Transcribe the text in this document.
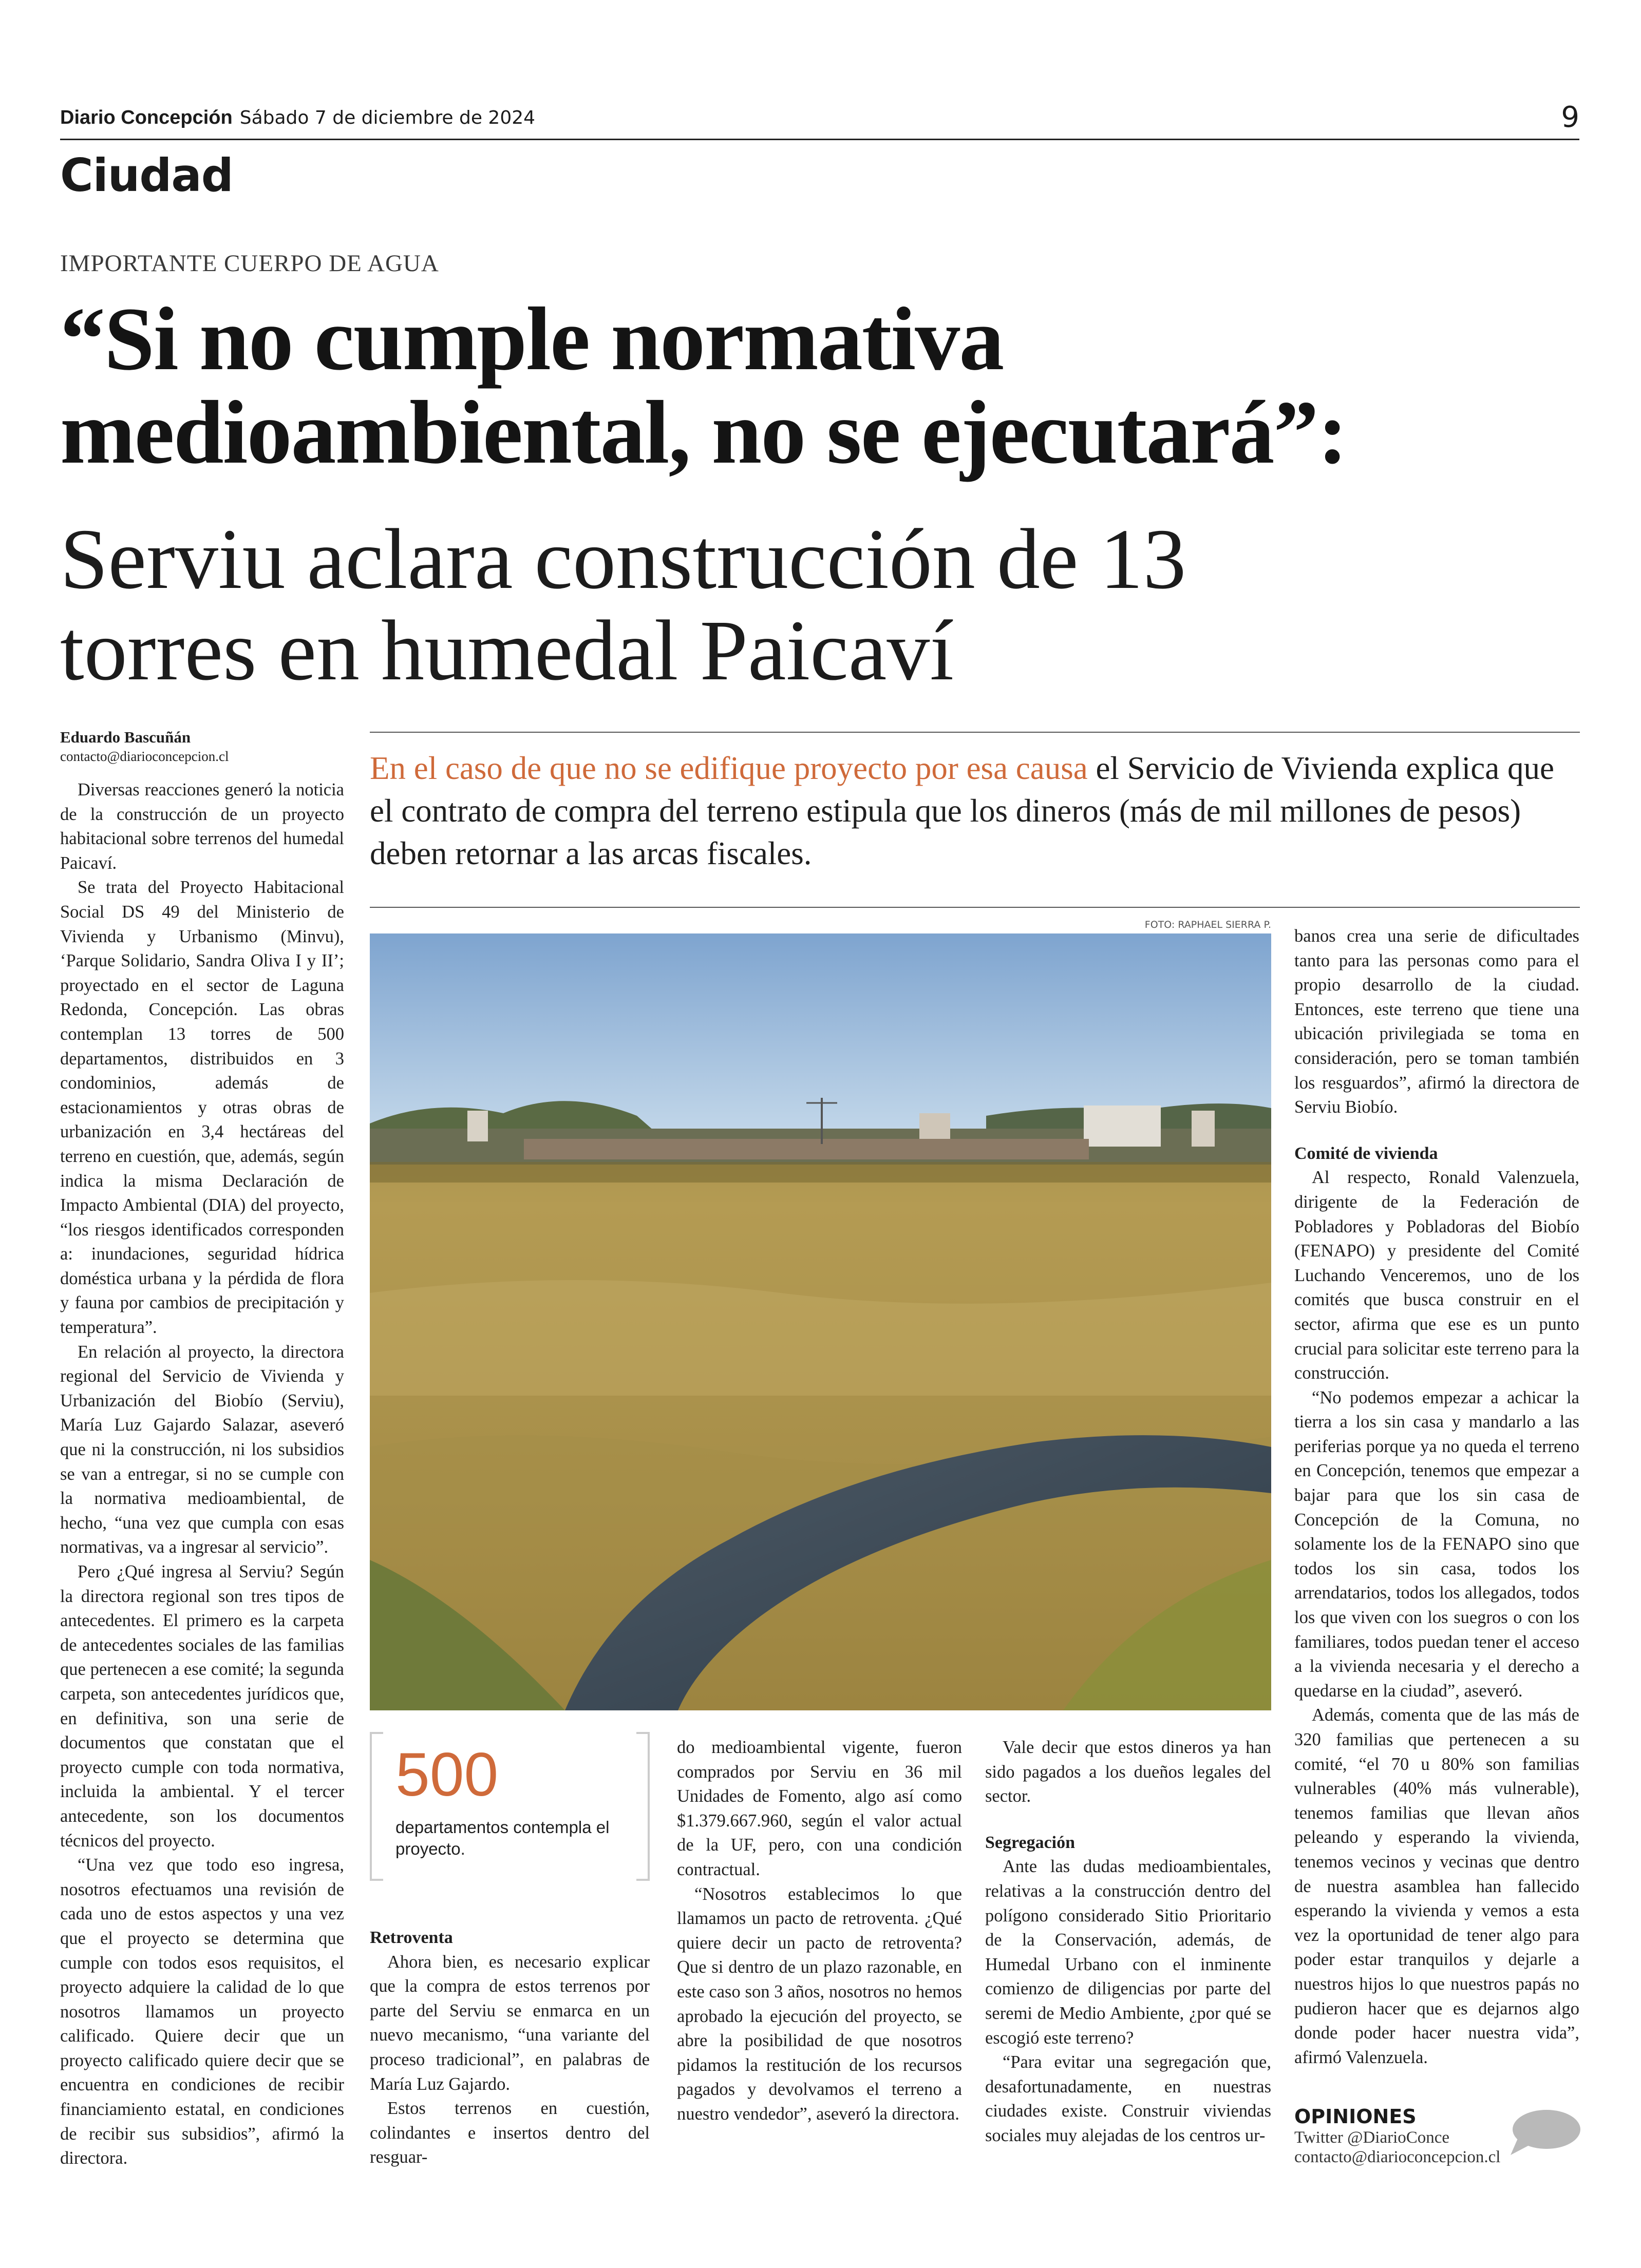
Diario Concepción Sábado 7 de diciembre de 2024	9
Ciudad
IMPORTANTE CUERPO DE AGUA
“Si no cumple normativa
medioambiental, no se ejecutará”:
Serviu aclara construcción de 13
torres en humedal Paicaví
Eduardo Bascuñán
contacto@diarioconcepcion.cl

Diversas reacciones generó la noticia de la construcción de un proyecto habitacional sobre terrenos del humedal Paicaví.

Se trata del Proyecto Habitacional Social DS 49 del Ministerio de Vivienda y Urbanismo (Minvu), ‘Parque Solidario, Sandra Oliva I y II’; proyectado en el sector de Laguna Redonda, Concepción. Las obras contemplan 13 torres de 500 departamentos, distribuidos en 3 condominios, además de estacionamientos y otras obras de urbanización en 3,4 hectáreas del terreno en cuestión, que, además, según indica la misma Declaración de Impacto Ambiental (DIA) del proyecto, “los riesgos identificados corresponden a: inundaciones, seguridad hídrica doméstica urbana y la pérdida de flora y fauna por cambios de precipitación y temperatura”.

En relación al proyecto, la directora regional del Servicio de Vivienda y Urbanización del Biobío (Serviu), María Luz Gajardo Salazar, aseveró que ni la construcción, ni los subsidios se van a entregar, si no se cumple con la normativa medioambiental, de hecho, “una vez que cumpla con esas normativas, va a ingresar al servicio”.

Pero ¿Qué ingresa al Serviu? Según la directora regional son tres tipos de antecedentes. El primero es la carpeta de antecedentes sociales de las familias que pertenecen a ese comité; la segunda carpeta, son antecedentes jurídicos que, en definitiva, son una serie de documentos que constatan que el proyecto cumple con toda normativa, incluida la ambiental. Y el tercer antecedente, son los documentos técnicos del proyecto.

“Una vez que todo eso ingresa, nosotros efectuamos una revisión de cada uno de estos aspectos y una vez que el proyecto se determina que cumple con todos esos requisitos, el proyecto adquiere la calidad de lo que nosotros llamamos un proyecto calificado. Quiere decir que un proyecto calificado quiere decir que se encuentra en condiciones de recibir financiamiento estatal, en condiciones de recibir sus subsidios”, afirmó la directora.

En el caso de que no se edifique proyecto por esa causa el Servicio de Vivienda explica que el contrato de compra del terreno estipula que los dineros (más de mil millones de pesos) deben retornar a las arcas fiscales.
FOTO: RAPHAEL SIERRA P.

banos crea una serie de dificultades tanto para las personas como para el propio desarrollo de la ciudad. Entonces, este terreno que tiene una ubicación privilegiada se toma en consideración, pero se toman también los resguardos”, afirmó la directora de Serviu Biobío.

Comité de vivienda

Al respecto, Ronald Valenzuela, dirigente de la Federación de Pobladores y Pobladoras del Biobío (FENAPO) y presidente del Comité Luchando Venceremos, uno de los comités que busca construir en el sector, afirma que ese es un punto crucial para solicitar este terreno para la construcción.

“No podemos empezar a achicar la tierra a los sin casa y mandarlo a las periferias porque ya no queda el terreno en Concepción, tenemos que empezar a bajar para que los sin casa de Concepción de la Comuna, no solamente los de la FENAPO sino que todos los sin casa, todos los arrendatarios, todos los allegados, todos los que viven con los suegros o con los familiares, todos puedan tener el acceso a la vivienda necesaria y el derecho a quedarse en la ciudad”, aseveró.

Además, comenta que de las más de 320 familias que pertenecen a su comité, “el 70 u 80% son familias vulnerables (40% más vulnerable), tenemos familias que llevan años peleando y esperando la vivienda, tenemos vecinos y vecinas que dentro de nuestra asamblea han fallecido esperando la vivienda y vemos a esta vez la oportunidad de tener algo para poder estar tranquilos y dejarle a nuestros hijos lo que nuestros papás no pudieron hacer que es dejarnos algo donde poder hacer nuestra vida”, afirmó Valenzuela.

500
departamentos contempla el proyecto.

Retroventa

Ahora bien, es necesario explicar que la compra de estos terrenos por parte del Serviu se enmarca en un nuevo mecanismo, “una variante del proceso tradicional”, en palabras de María Luz Gajardo.

Estos terrenos en cuestión, colindantes e insertos dentro del resguar-

do medioambiental vigente, fueron comprados por Serviu en 36 mil Unidades de Fomento, algo así como $1.379.667.960, según el valor actual de la UF, pero, con una condición contractual.

“Nosotros establecimos lo que llamamos un pacto de retroventa. ¿Qué quiere decir un pacto de retroventa? Que si dentro de un plazo razonable, en este caso son 3 años, nosotros no hemos aprobado la ejecución del proyecto, se abre la posibilidad de que nosotros pidamos la restitución de los recursos pagados y devolvamos el terreno a nuestro vendedor”, aseveró la directora.

Vale decir que estos dineros ya han sido pagados a los dueños legales del sector.

Segregación

Ante las dudas medioambientales, relativas a la construcción dentro del polígono considerado Sitio Prioritario de la Conservación, además, de Humedal Urbano con el inminente comienzo de diligencias por parte del seremi de Medio Ambiente, ¿por qué se escogió este terreno?

“Para evitar una segregación que, desafortunadamente, en nuestras ciudades existe. Construir viviendas sociales muy alejadas de los centros ur-

OPINIONES
Twitter @DiarioConce
contacto@diarioconcepcion.cl
